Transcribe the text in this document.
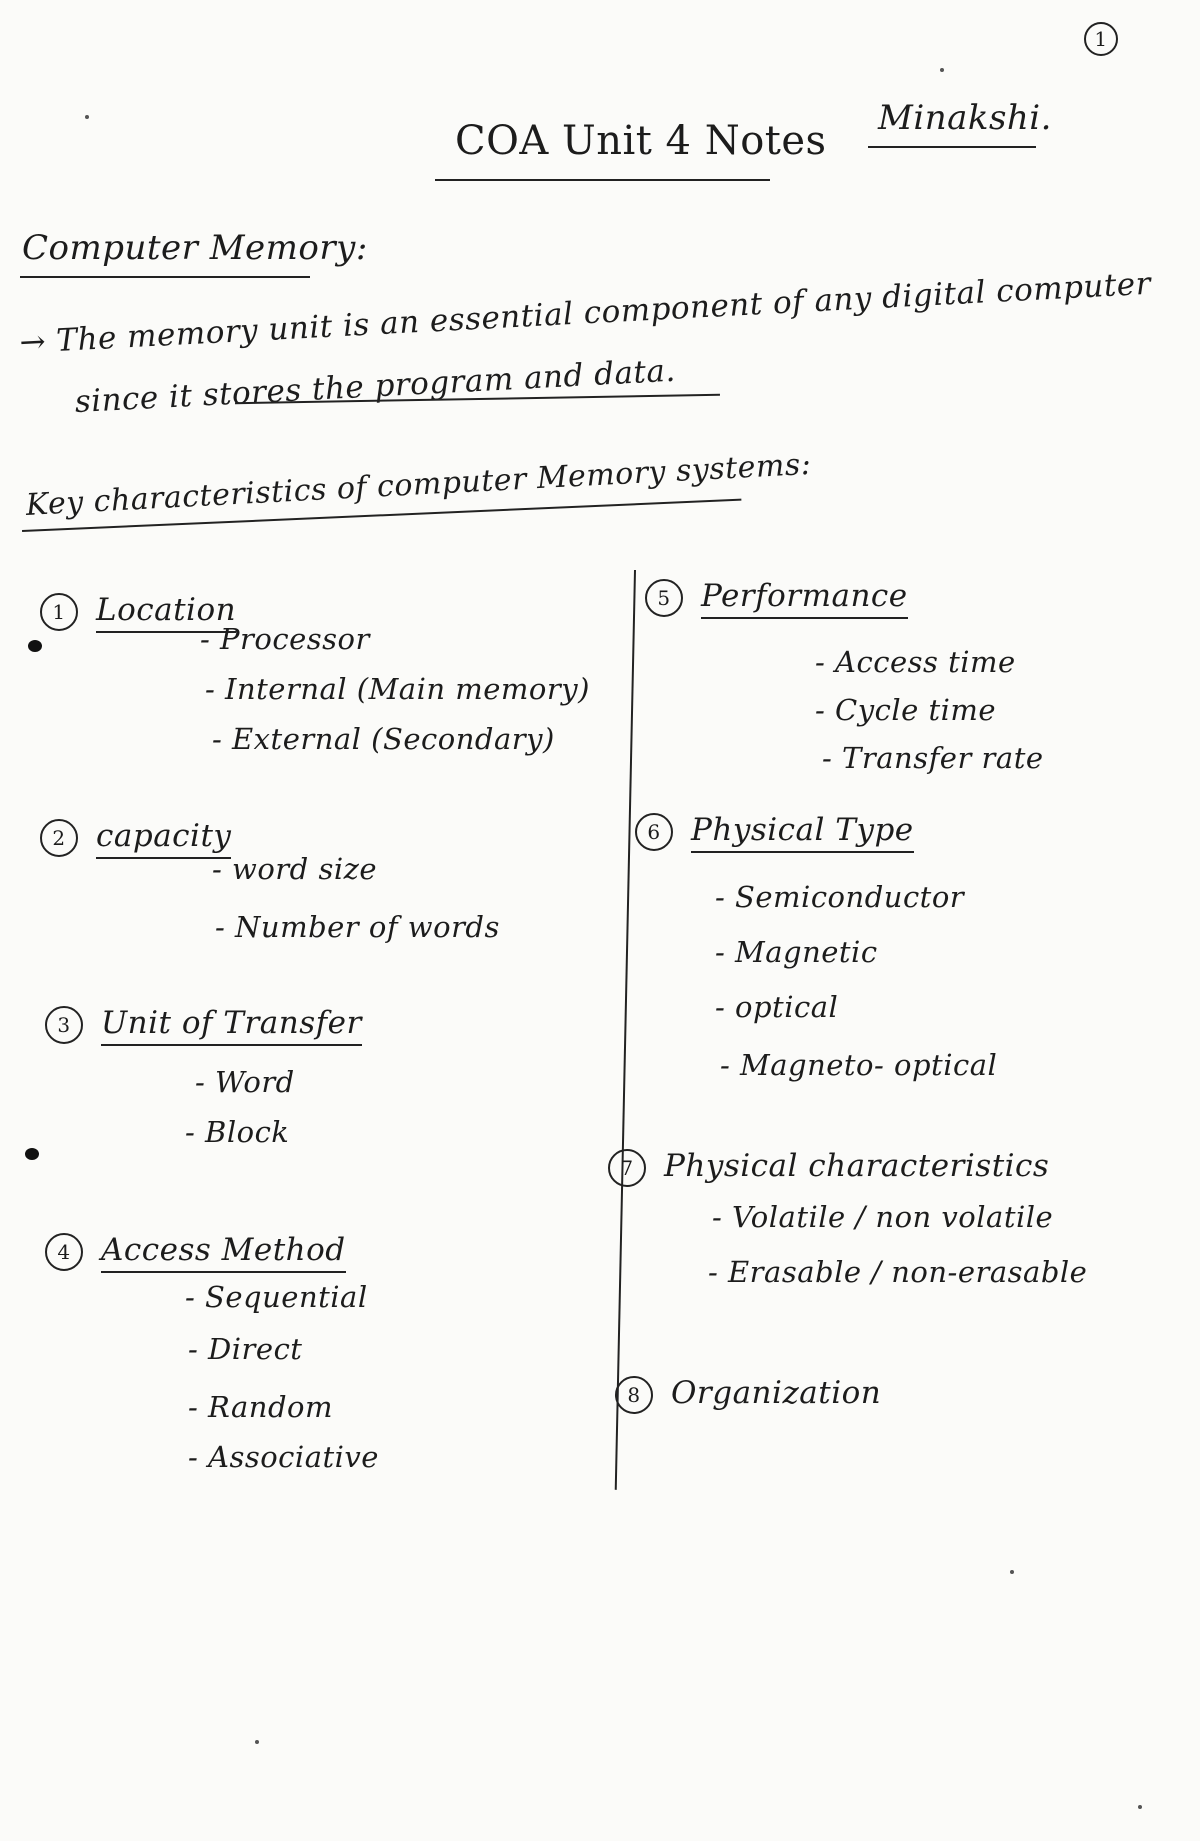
1
COA Unit 4 Notes Minakshi.
Computer Memory:
→ The memory unit is an essential component of any digital computer
since it stores the program and data.
Key characteristics of computer Memory systems:
1 Location
- Processor
- Internal (Main memory)
- External (Secondary)
2 capacity
- word size
- Number of words
3 Unit of Transfer
- Word
- Block
4 Access Method
- Sequential
- Direct
- Random
- Associative
5 Performance
- Access time
- Cycle time
- Transfer rate
6 Physical Type
- Semiconductor
- Magnetic
- optical
- Magneto- optical
7 Physical characteristics
- Volatile / non volatile
- Erasable / non-erasable
8 Organization
